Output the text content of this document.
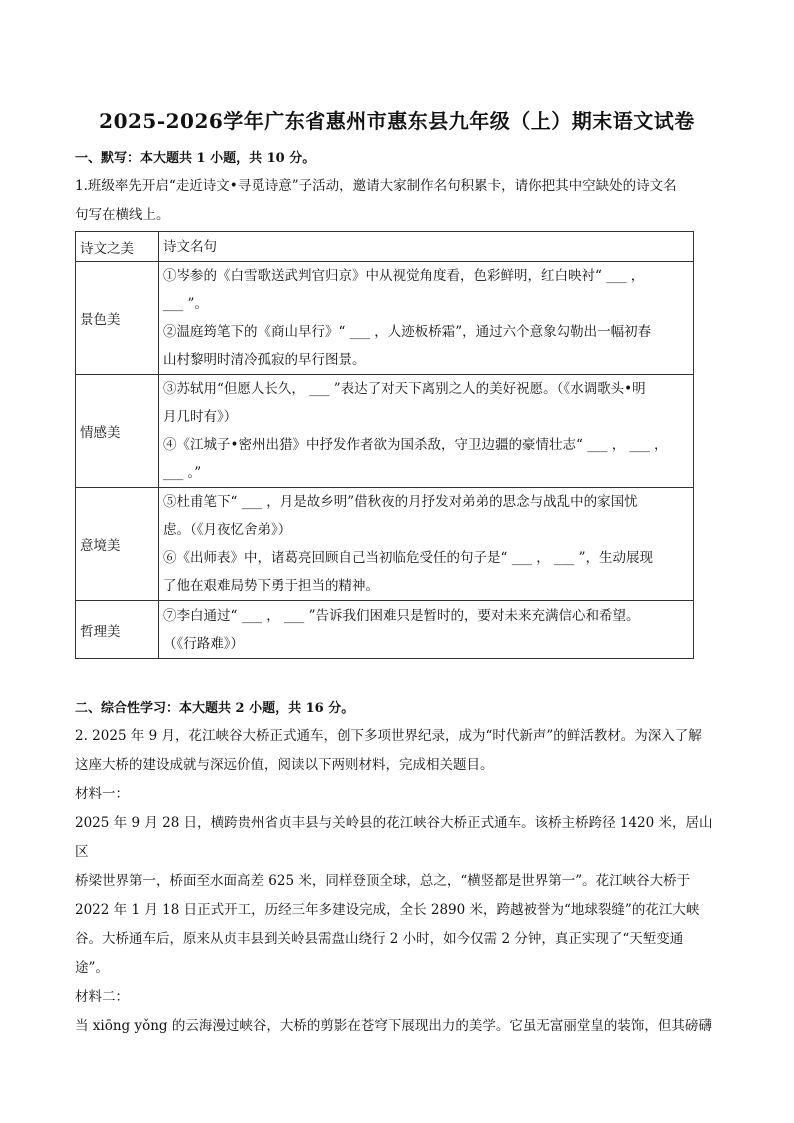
2025-2026学年广东省惠州市惠东县九年级（上）期末语文试卷
一、默写：本大题共 1 小题，共 10 分。
1.班级率先开启“走近诗文•寻觅诗意”子活动，邀请大家制作名句积累卡，请你把其中空缺处的诗文名
句写在横线上。
诗文之美	诗文名句
景色美	①岑参的《白雪歌送武判官归京》中从视觉角度看，色彩鲜明，红白映衬“ ___ ，
___ ”。
②温庭筠笔下的《商山早行》“ ___ ，人迹板桥霜”，通过六个意象勾勒出一幅初春
山村黎明时清冷孤寂的早行图景。

情感美	③苏轼用“但愿人长久， ___ ”表达了对天下离别之人的美好祝愿。（《水调歌头•明
月几时有》）
④《江城子•密州出猎》中抒发作者欲为国杀敌，守卫边疆的豪情壮志“ ___ ， ___ ，
___ 。”

意境美	⑤杜甫笔下“ ___ ，月是故乡明”借秋夜的月抒发对弟弟的思念与战乱中的家国忧
虑。（《月夜忆舍弟》）
⑥《出师表》中，诸葛亮回顾自己当初临危受任的句子是“ ___ ， ___ ”，生动展现
了他在艰难局势下勇于担当的精神。

哲理美	⑦李白通过“ ___ ， ___ ”告诉我们困难只是暂时的，要对未来充满信心和希望。
（《行路难》）
二、综合性学习：本大题共 2 小题，共 16 分。
2. 2025 年 9 月，花江峡谷大桥正式通车，创下多项世界纪录，成为“时代新声”的鲜活教材。为深入了解
这座大桥的建设成就与深远价值，阅读以下两则材料，完成相关题目。
材料一：
2025 年 9 月 28 日，横跨贵州省贞丰县与关岭县的花江峡谷大桥正式通车。该桥主桥跨径 1420 米，居山区
桥梁世界第一，桥面至水面高差 625 米，同样登顶全球，总之，“横竖都是世界第一”。花江峡谷大桥于
2022 年 1 月 18 日正式开工，历经三年多建设完成，全长 2890 米，跨越被誉为“地球裂缝”的花江大峡
谷。大桥通车后，原来从贞丰县到关岭县需盘山绕行 2 小时，如今仅需 2 分钟，真正实现了“天堑变通
途”。
材料二：
当 xiōng yǒng 的云海漫过峡谷，大桥的剪影在苍穹下展现出力的美学。它虽无富丽堂皇的装饰，但其磅礴
